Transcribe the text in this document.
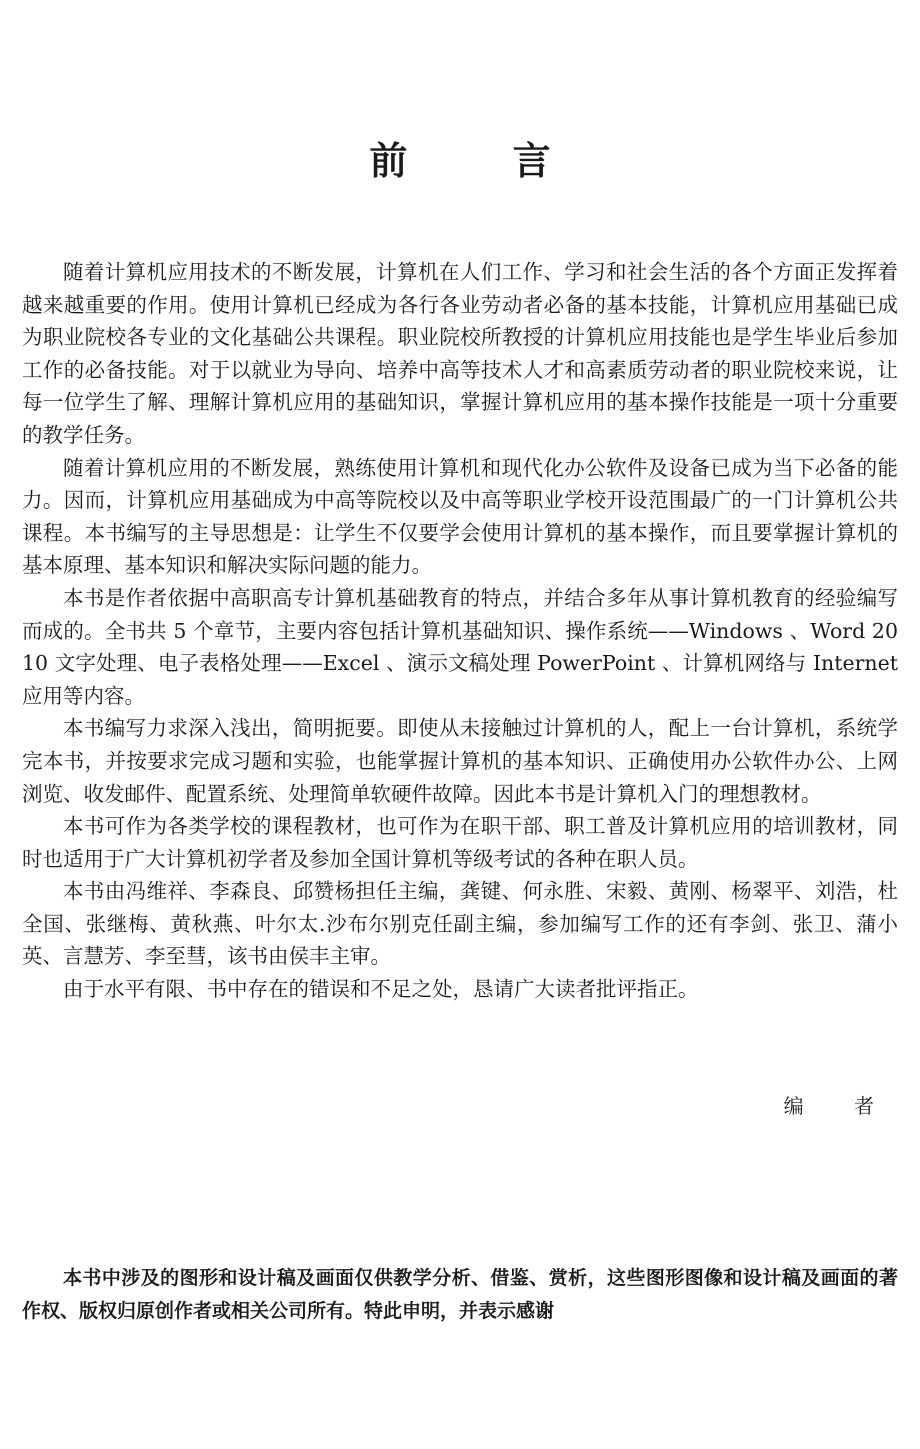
前 言

随着计算机应用技术的不断发展，计算机在人们工作、学习和社会生活的各个方面正发挥着越来越重要的作用。使用计算机已经成为各行各业劳动者必备的基本技能，计算机应用基础已成为职业院校各专业的文化基础公共课程。职业院校所教授的计算机应用技能也是学生毕业后参加工作的必备技能。对于以就业为导向、培养中高等技术人才和高素质劳动者的职业院校来说，让每一位学生了解、理解计算机应用的基础知识，掌握计算机应用的基本操作技能是一项十分重要的教学任务。

随着计算机应用的不断发展，熟练使用计算机和现代化办公软件及设备已成为当下必备的能力。因而，计算机应用基础成为中高等院校以及中高等职业学校开设范围最广的一门计算机公共课程。本书编写的主导思想是：让学生不仅要学会使用计算机的基本操作，而且要掌握计算机的基本原理、基本知识和解决实际问题的能力。

本书是作者依据中高职高专计算机基础教育的特点，并结合多年从事计算机教育的经验编写而成的。全书共 5 个章节，主要内容包括计算机基础知识、操作系统——Windows 、Word 2010 文字处理、电子表格处理——Excel 、演示文稿处理 PowerPoint 、计算机网络与 Internet 应用等内容。

本书编写力求深入浅出，简明扼要。即使从未接触过计算机的人，配上一台计算机，系统学完本书，并按要求完成习题和实验，也能掌握计算机的基本知识、正确使用办公软件办公、上网浏览、收发邮件、配置系统、处理简单软硬件故障。因此本书是计算机入门的理想教材。

本书可作为各类学校的课程教材，也可作为在职干部、职工普及计算机应用的培训教材，同时也适用于广大计算机初学者及参加全国计算机等级考试的各种在职人员。

本书由冯维祥、李森良、邱赞杨担任主编，龚键、何永胜、宋毅、黄刚、杨翠平、刘浩，杜全国、张继梅、黄秋燕、叶尔太.沙布尔别克任副主编，参加编写工作的还有李剑、张卫、蒲小英、言慧芳、李至彗，该书由侯丰主审。

由于水平有限、书中存在的错误和不足之处，恳请广大读者批评指正。

编 者

本书中涉及的图形和设计稿及画面仅供教学分析、借鉴、赏析，这些图形图像和设计稿及画面的著作权、版权归原创作者或相关公司所有。特此申明，并表示感谢
